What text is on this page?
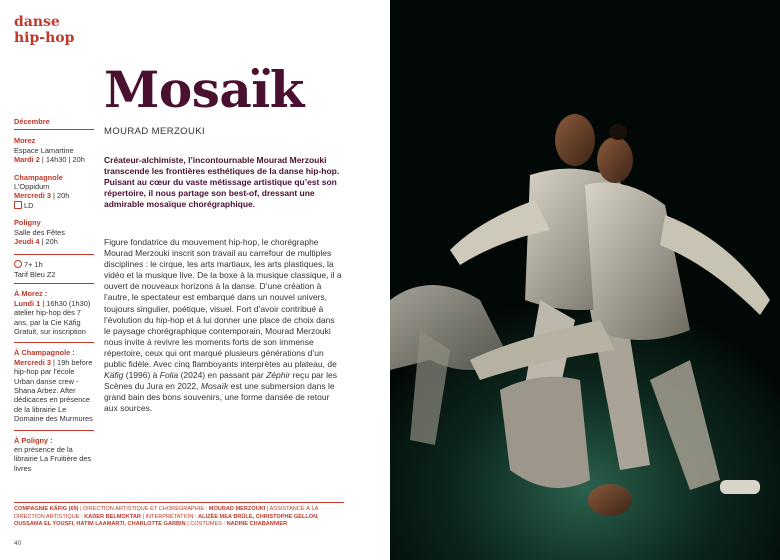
danse
hip-hop
Mosaïk
MOURAD MERZOUKI
Décembre
Morez
Espace Lamartine
Mardi 2 | 14h30 | 20h
Champagnole
L’Oppidum
Mercredi 3 | 20h
LD
Poligny
Salle des Fêtes
Jeudi 4 | 20h
7+ 1h
Tarif Bleu Z2
À Morez :
Lundi 1 | 16h30 (1h30) atelier hip-hop dès 7 ans, par la Cie Käfig Gratuit, sur inscription
À Champagnole :
Mercredi 3 | 19h before hip-hop par l’école Urban danse crew - Shana Arbez. After dédicaces en présence de la librairie Le Domaine des Murmures
À Poligny :
en présence de la librairie La Fruitière des livres
Créateur-alchimiste, l’incontournable Mourad Merzouki transcende les frontières esthétiques de la danse hip-hop. Puisant au cœur du vaste métissage artistique qu’est son répertoire, il nous partage son best-of, dressant une admirable mosaïque chorégraphique.

Figure fondatrice du mouvement hip-hop, le chorégraphe Mourad Merzouki inscrit son travail au carrefour de multiples disciplines : le cirque, les arts martiaux, les arts plastiques, la vidéo et la musique live. De la boxe à la musique classique, il a ouvert de nouveaux horizons à la danse. D’une création à l’autre, le spectateur est embarqué dans un nouvel univers, toujours singulier, poétique, visuel. Fort d’avoir contribué à l’évolution du hip-hop et à lui donner une place de choix dans le paysage chorégraphique contemporain, Mourad Merzouki nous invite à revivre les moments forts de son immense répertoire, ceux qui ont marqué plusieurs générations d’un public fidèle. Avec cinq flamboyants interprètes au plateau, de Käfig (1996) à Folia (2024) en passant par Zéphir reçu par les Scènes du Jura en 2022, Mosaïk est une submersion dans le grand bain des bons souvenirs, une forme dansée de retour aux sources.

COMPAGNIE KÄFIG (69) | DIRECTION ARTISTIQUE ET CHORÉGRAPHIE : MOURAD MERZOUKI | ASSISTANCE À LA DIRECTION ARTISTIQUE : KADER BELMOKTAR | INTERPRÉTATION : ALIZÉE MEA BRÛLE, CHRISTOPHE GELLON, OUSSAMA EL YOUSFI, HATIM LAAMARTI, CHARLOTTE GARBIN | COSTUMES : NADINE CHABANNIER
40
